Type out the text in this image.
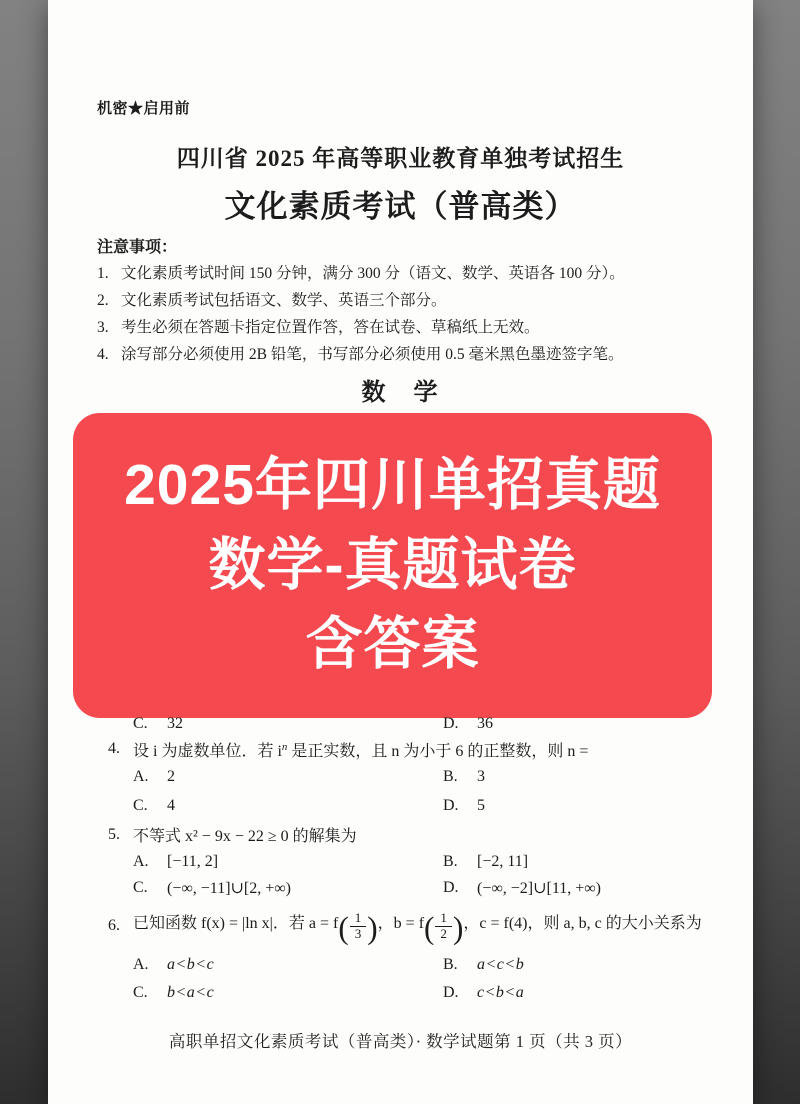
机密★启用前
四川省 2025 年高等职业教育单独考试招生
文化素质考试（普高类）
注意事项：
1. 文化素质考试时间 150 分钟，满分 300 分（语文、数学、英语各 100 分）。
2. 文化素质考试包括语文、数学、英语三个部分。
3. 考生必须在答题卡指定位置作答，答在试卷、草稿纸上无效。
4. 涂写部分必须使用 2B 铅笔，书写部分必须使用 0.5 毫米黑色墨迹签字笔。
数　学
2025年四川单招真题
数学-真题试卷
含答案
C.	32	D.	36
4. 设 i 为虚数单位．若 $i^n$ 是正实数，且 n 为小于 6 的正整数，则 n =
A.	2	B.	3
C.	4	D.	5
5. 不等式 x² − 9x − 22 ≥ 0 的解集为
A.	[−11, 2]	B.	[−2, 11]
C.	(−∞, −11]∪[2, +∞)	D.	(−∞, −2]∪[11, +∞)
6. 已知函数 f(x) = |ln x|．若 $a = f( \frac{1}{3}$ )，$b = f( \frac{1}{2}$ )，c = f(4)，则 a, b, c 的大小关系为
A.	a<b<c	B.	a<c<b
C.	b<a<c	D.	c<b<a
高职单招文化素质考试（普高类）· 数学试题第 1 页（共 3 页）
